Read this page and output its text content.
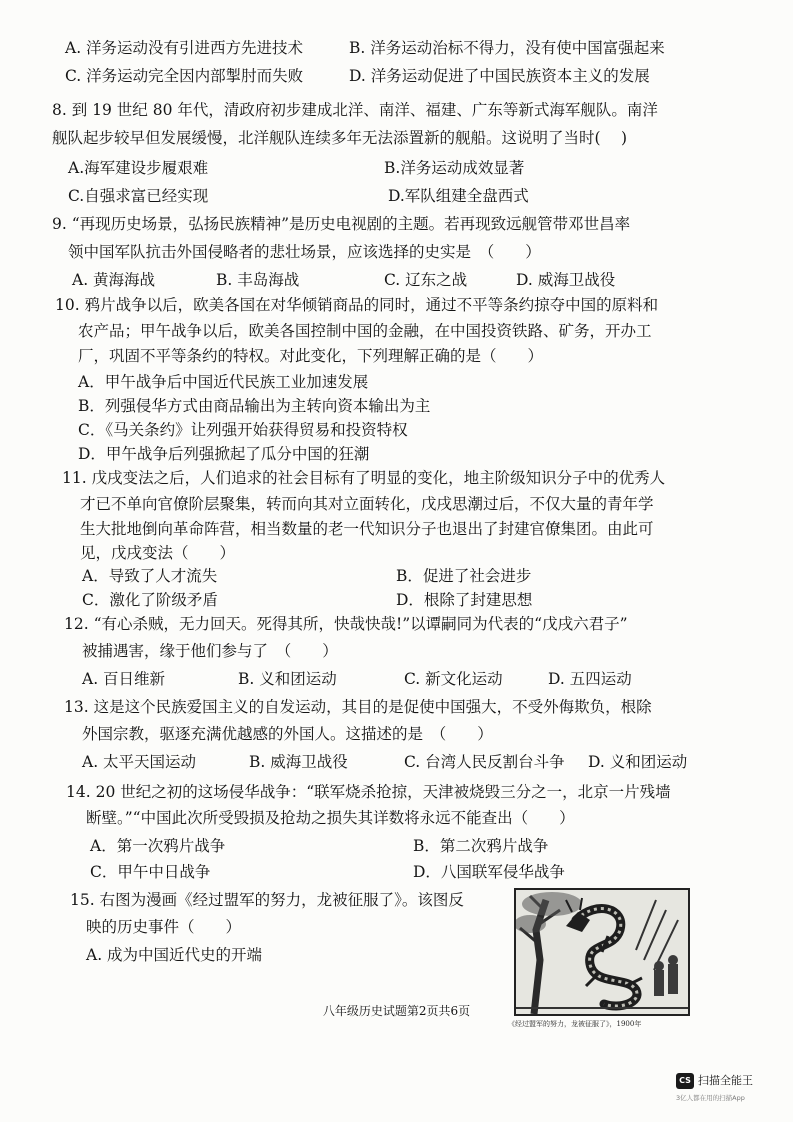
A. 洋务运动没有引进西方先进技术	B. 洋务运动治标不得力，没有使中国富强起来
C. 洋务运动完全因内部掣肘而失败	D. 洋务运动促进了中国民族资本主义的发展
8. 到 19 世纪 80 年代，清政府初步建成北洋、南洋、福建、广东等新式海军舰队。南洋
舰队起步较早但发展缓慢，北洋舰队连续多年无法添置新的舰船。这说明了当时(　 )
A.海军建设步履艰难	B.洋务运动成效显著
C.自强求富已经实现	D.军队组建全盘西式
9. “再现历史场景，弘扬民族精神”是历史电视剧的主题。若再现致远舰管带邓世昌率
领中国军队抗击外国侵略者的悲壮场景，应该选择的史实是　（　　）
A. 黄海海战	B. 丰岛海战	C. 辽东之战	D. 威海卫战役
10. 鸦片战争以后，欧美各国在对华倾销商品的同时，通过不平等条约掠夺中国的原料和
农产品；甲午战争以后，欧美各国控制中国的金融，在中国投资铁路、矿务，开办工
厂，巩固不平等条约的特权。对此变化，下列理解正确的是（　　）
A．甲午战争后中国近代民族工业加速发展
B．列强侵华方式由商品输出为主转向资本输出为主
C．《马关条约》让列强开始获得贸易和投资特权
D．甲午战争后列强掀起了瓜分中国的狂潮
11. 戊戌变法之后，人们追求的社会目标有了明显的变化，地主阶级知识分子中的优秀人
才已不单向官僚阶层聚集，转而向其对立面转化，戊戌思潮过后，不仅大量的青年学
生大批地倒向革命阵营，相当数量的老一代知识分子也退出了封建官僚集团。由此可
见，戊戌变法（　　）
A．导致了人才流失	B．促进了社会进步
C．激化了阶级矛盾	D．根除了封建思想
12. “有心杀贼，无力回天。死得其所，快哉快哉!”以谭嗣同为代表的“戊戌六君子”
被捕遇害，缘于他们参与了　（　　）
A. 百日维新	B. 义和团运动	C. 新文化运动	D. 五四运动
13. 这是这个民族爱国主义的自发运动，其目的是促使中国强大，不受外侮欺负，根除
外国宗教，驱逐充满优越感的外国人。这描述的是　（　　）
A. 太平天国运动	B. 威海卫战役	C. 台湾人民反割台斗争 D. 义和团运动
14. 20 世纪之初的这场侵华战争：“联军烧杀抢掠，天津被烧毁三分之一，北京一片残墙
断壁。”“中国此次所受毁损及抢劫之损失其详数将永远不能查出（　　）
A．第一次鸦片战争	B．第二次鸦片战争
C．甲午中日战争	D．八国联军侵华战争
15. 右图为漫画《经过盟军的努力，龙被征服了》。该图反
映的历史事件（　　）
A. 成为中国近代史的开端
《经过盟军的努力，龙被征服了》，1900年
八年级历史试题第2页共6页
CS 扫描全能王
3亿人都在用的扫描App
